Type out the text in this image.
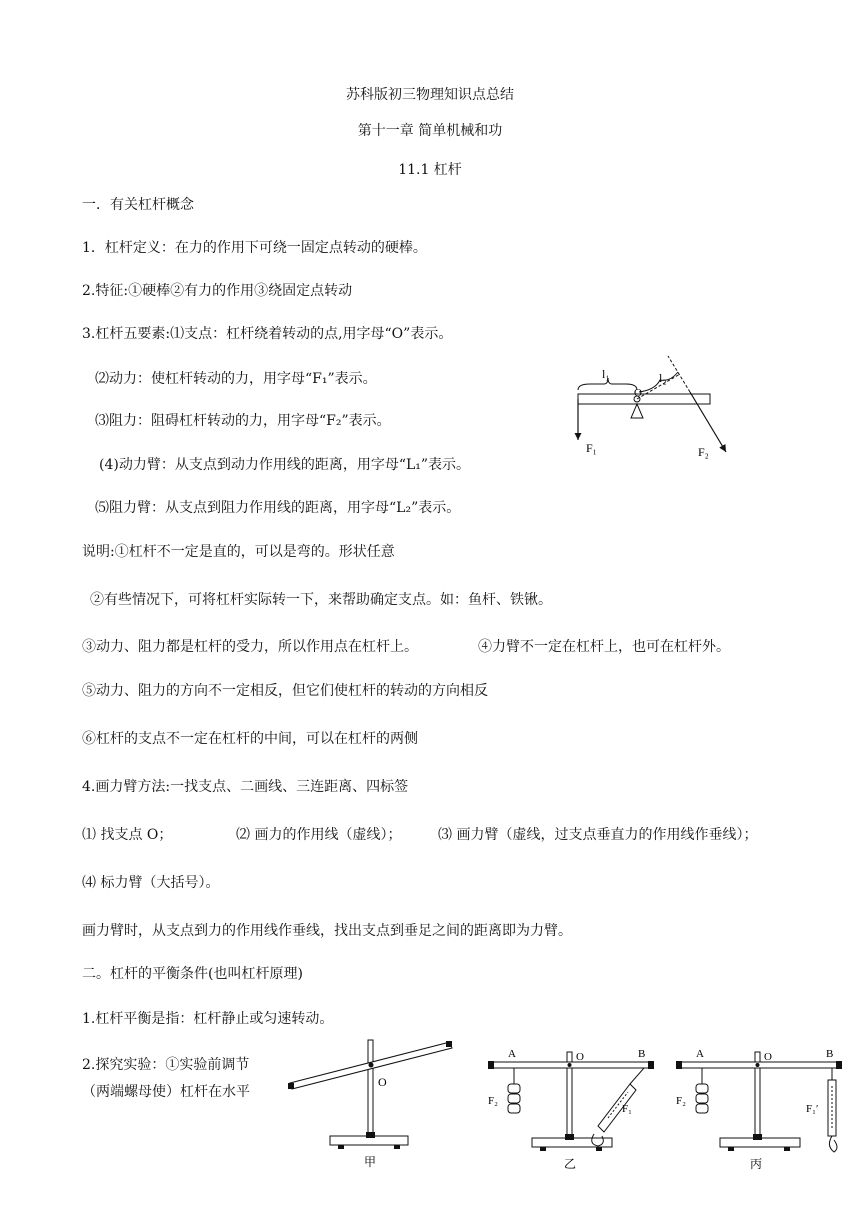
苏科版初三物理知识点总结
第十一章 简单机械和功
11.1 杠杆
一．有关杠杆概念
1．杠杆定义：在力的作用下可绕一固定点转动的硬棒。
2.特征:①硬棒②有力的作用③绕固定点转动
3.杠杆五要素:⑴支点：杠杆绕着转动的点,用字母“O”表示。
⑵动力：使杠杆转动的力，用字母“F₁”表示。
⑶阻力：阻碍杠杆转动的力，用字母“F₂”表示。
(4)动力臂：从支点到动力作用线的距离，用字母“L₁”表示。
⑸阻力臂：从支点到阻力作用线的距离，用字母“L₂”表示。
说明:①杠杆不一定是直的，可以是弯的。形状任意
②有些情况下，可将杠杆实际转一下，来帮助确定支点。如：鱼杆、铁锹。
③动力、阻力都是杠杆的受力，所以作用点在杠杆上。	④力臂不一定在杠杆上，也可在杠杆外。
⑤动力、阻力的方向不一定相反，但它们使杠杆的转动的方向相反
⑥杠杆的支点不一定在杠杆的中间，可以在杠杆的两侧
4.画力臂方法:一找支点、二画线、三连距离、四标签
⑴ 找支点 O；	⑵ 画力的作用线（虚线）；	⑶ 画力臂（虚线，过支点垂直力的作用线作垂线）；
⑷ 标力臂（大括号）。
画力臂时，从支点到力的作用线作垂线，找出支点到垂足之间的距离即为力臂。
二。杠杆的平衡条件(也叫杠杆原理)
1.杠杆平衡是指：杠杆静止或匀速转动。
2.探究实验：①实验前调节
（两端螺母使）杠杆在水平
l₁	l₂
O
F₁	F₂
O
甲
A	B
O
F₂
F₁
乙
A	B
O
F₂
F₁′
丙
